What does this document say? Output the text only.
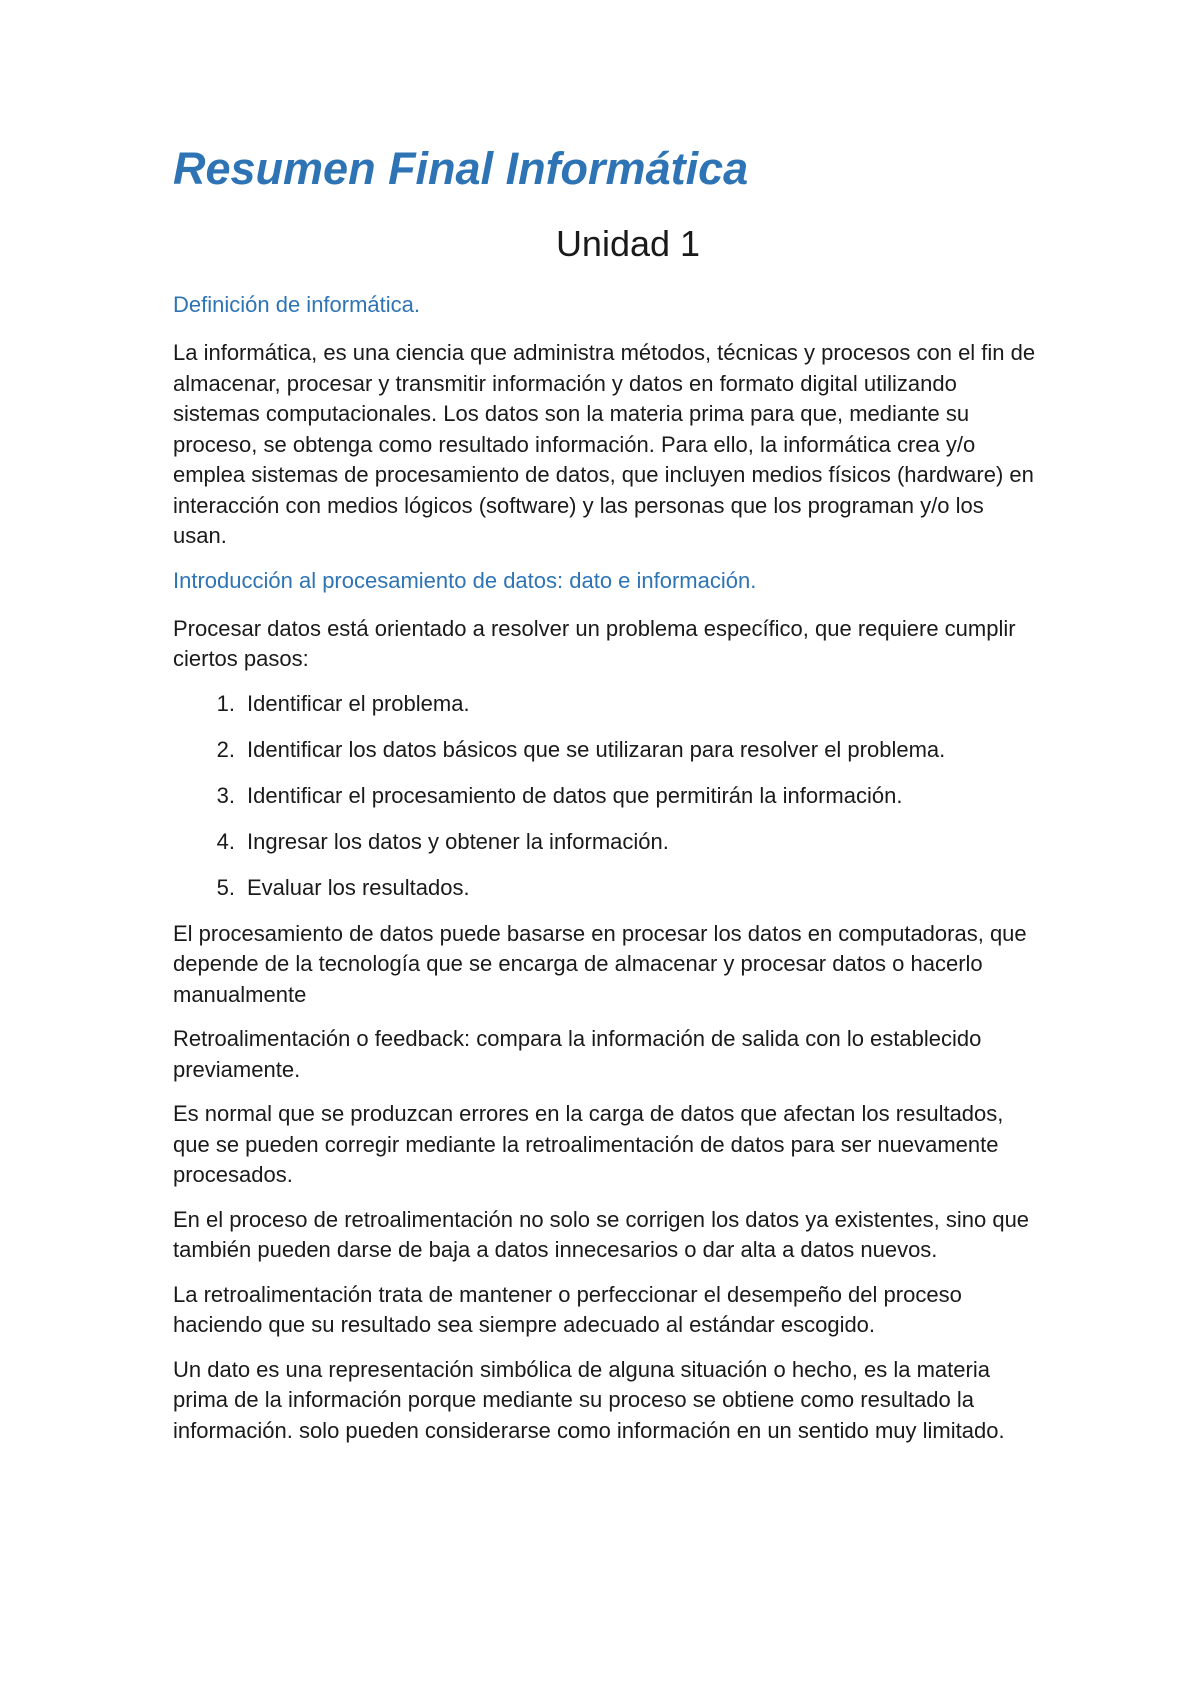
Resumen Final Informática
Unidad 1
Definición de informática.

La informática, es una ciencia que administra métodos, técnicas y procesos con el fin de almacenar, procesar y transmitir información y datos en formato digital utilizando sistemas computacionales. Los datos son la materia prima para que, mediante su proceso, se obtenga como resultado información. Para ello, la informática crea y/o emplea sistemas de procesamiento de datos, que incluyen medios físicos (hardware) en interacción con medios lógicos (software) y las personas que los programan y/o los usan.

Introducción al procesamiento de datos: dato e información.

Procesar datos está orientado a resolver un problema específico, que requiere cumplir ciertos pasos:

1. Identificar el problema.
2. Identificar los datos básicos que se utilizaran para resolver el problema.
3. Identificar el procesamiento de datos que permitirán la información.
4. Ingresar los datos y obtener la información.
5. Evaluar los resultados.

El procesamiento de datos puede basarse en procesar los datos en computadoras, que depende de la tecnología que se encarga de almacenar y procesar datos o hacerlo manualmente

Retroalimentación o feedback: compara la información de salida con lo establecido previamente.

Es normal que se produzcan errores en la carga de datos que afectan los resultados, que se pueden corregir mediante la retroalimentación de datos para ser nuevamente procesados.

En el proceso de retroalimentación no solo se corrigen los datos ya existentes, sino que también pueden darse de baja a datos innecesarios o dar alta a datos nuevos.

La retroalimentación trata de mantener o perfeccionar el desempeño del proceso haciendo que su resultado sea siempre adecuado al estándar escogido.

Un dato es una representación simbólica de alguna situación o hecho, es la materia prima de la información porque mediante su proceso se obtiene como resultado la información. solo pueden considerarse como información en un sentido muy limitado.
